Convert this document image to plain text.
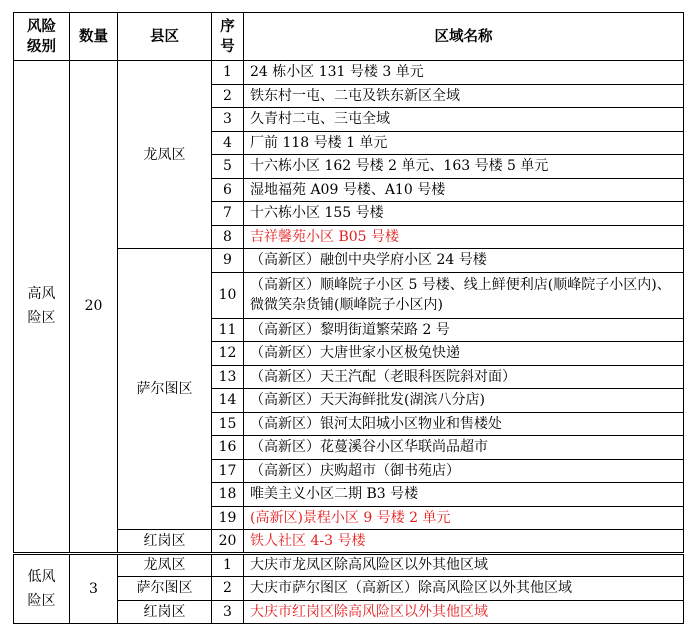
风险级别	数量	县区	序号	区域名称
高风险区	20	龙凤区	1	24 栋小区 131 号楼 3 单元
			2	铁东村一屯、二屯及铁东新区全域
			3	久青村二屯、三屯全域
			4	厂前 118 号楼 1 单元
			5	十六栋小区 162 号楼 2 单元、163 号楼 5 单元
			6	湿地福苑 A09 号楼、A10 号楼
			7	十六栋小区 155 号楼
			8	吉祥馨苑小区 B05 号楼
		萨尔图区	9	（高新区）融创中央学府小区 24 号楼
			10	（高新区）顺峰院子小区 5 号楼、线上鲜便利店(顺峰院子小区内)、微微笑杂货铺(顺峰院子小区内)
			11	（高新区）黎明街道繁荣路 2 号
			12	（高新区）大唐世家小区极兔快递
			13	（高新区）天王汽配（老眼科医院斜对面）
			14	（高新区）天天海鲜批发(湖滨八分店)
			15	（高新区）银河太阳城小区物业和售楼处
			16	（高新区）花蔓溪谷小区华联尚品超市
			17	（高新区）庆购超市（御书苑店）
			18	唯美主义小区二期 B3 号楼
			19	(高新区)景程小区 9 号楼 2 单元
		红岗区	20	铁人社区 4-3 号楼
低风险区	3	龙凤区	1	大庆市龙凤区除高风险区以外其他区域
		萨尔图区	2	大庆市萨尔图区（高新区）除高风险区以外其他区域
		红岗区	3	大庆市红岗区除高风险区以外其他区域
